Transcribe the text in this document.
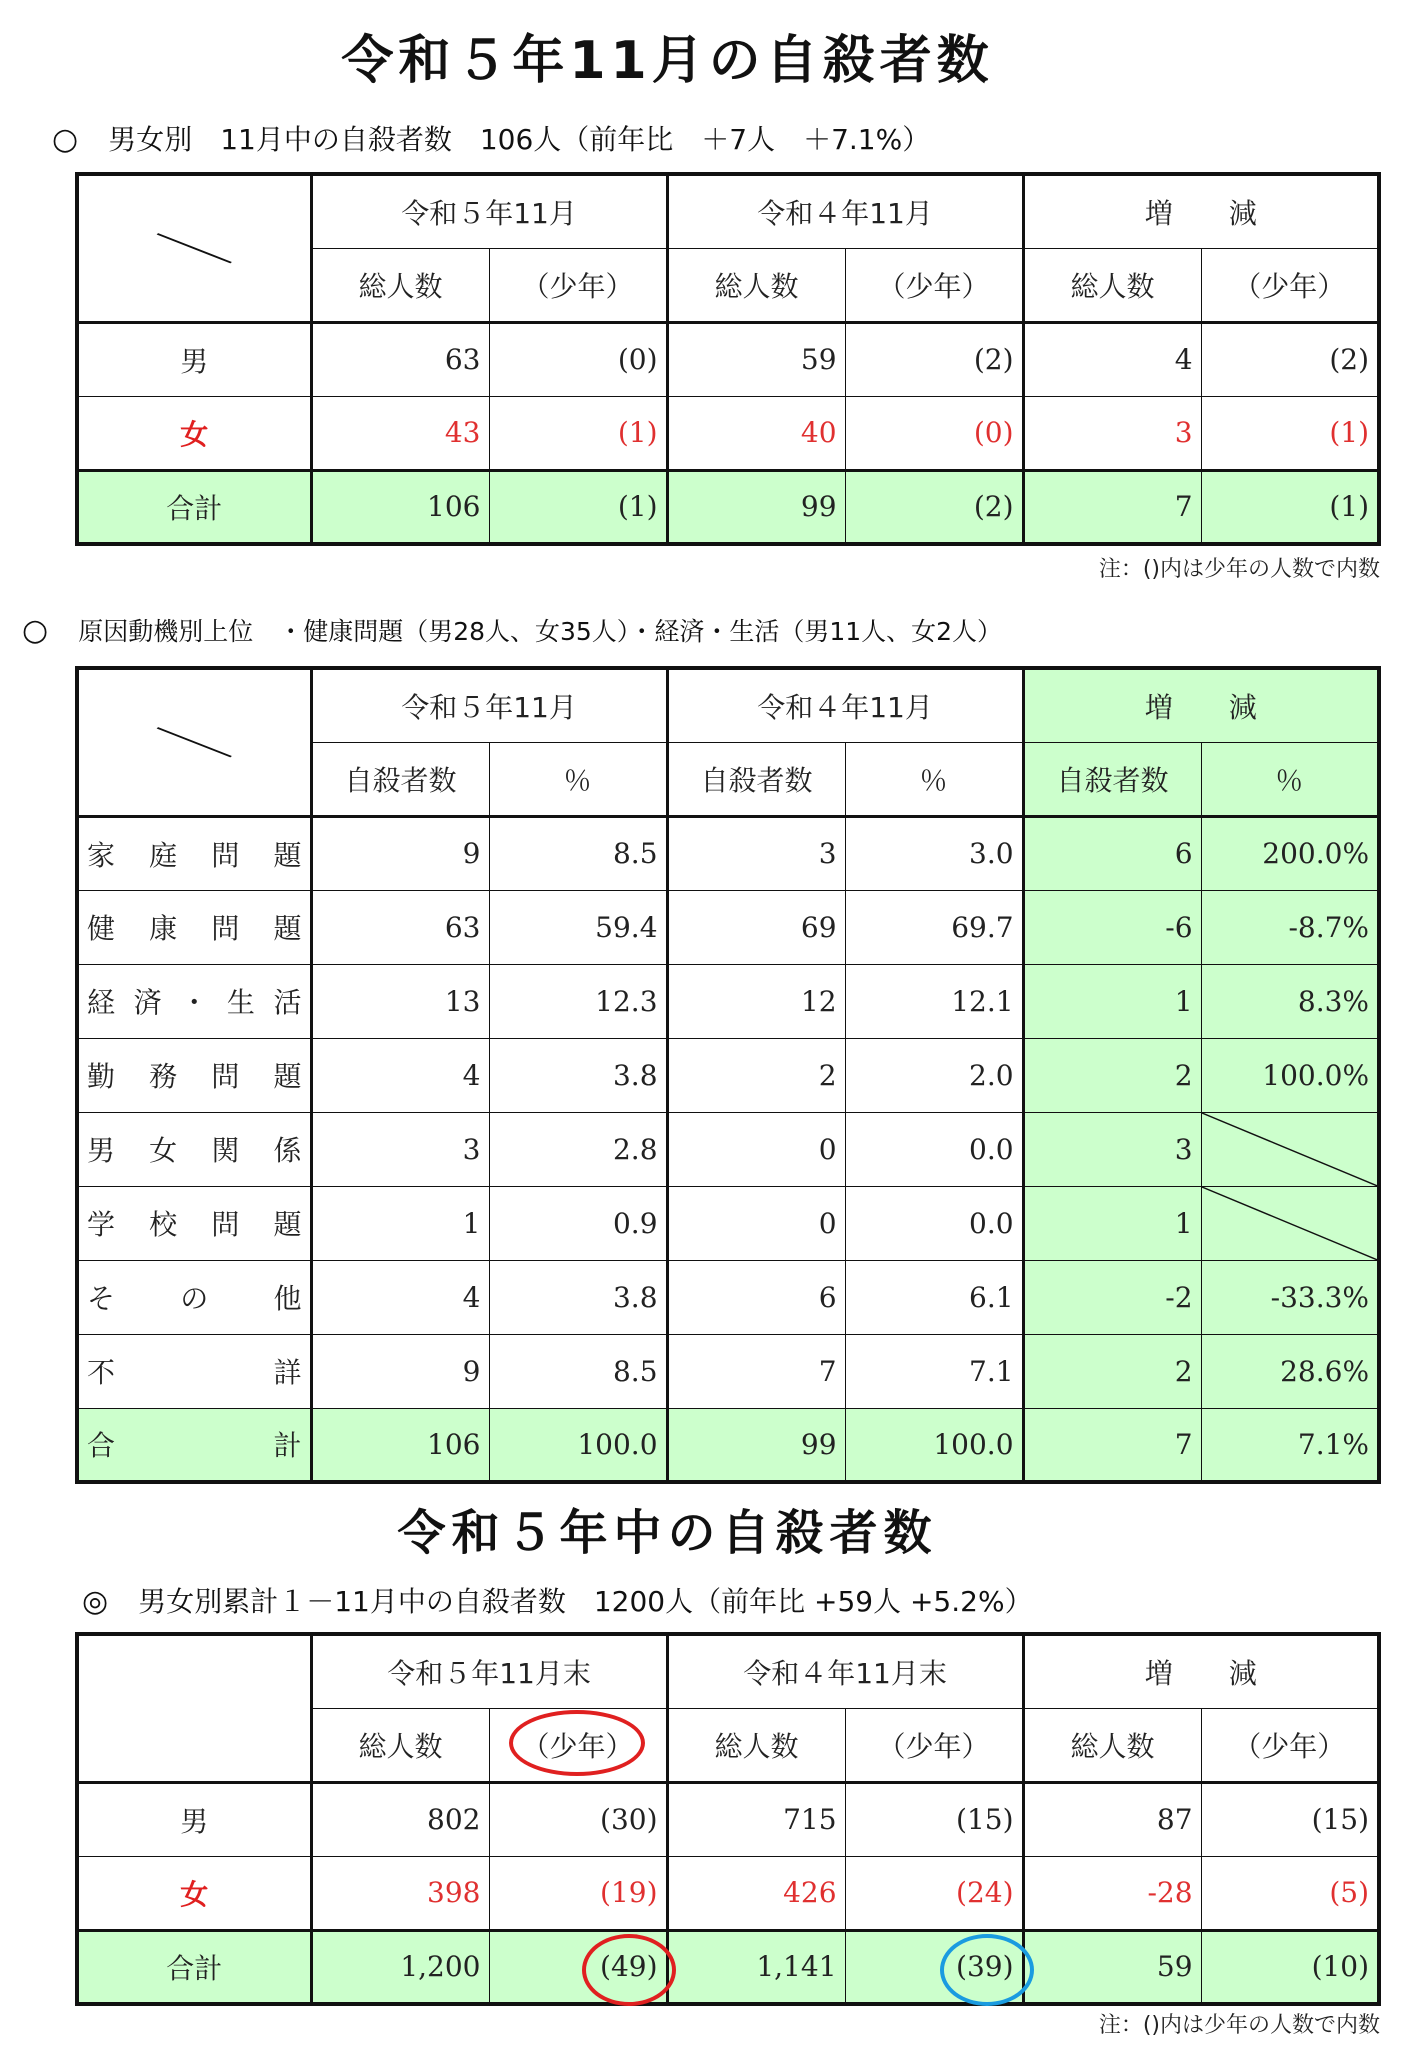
令和５年11月の自殺者数
○ 男女別　11月中の自殺者数　106人（前年比　＋7人　＋7.1%）
	令和５年11月		令和４年11月		増　　減	
	総人数	（少年）	総人数	（少年）	総人数	（少年）
男	63	(0)	59	(2)	4	(2)
女	43	(1)	40	(0)	3	(1)
合計	106	(1)	99	(2)	7	(1)
注：()内は少年の人数で内数
○ 原因動機別上位　・健康問題（男28人、女35人）・経済・生活（男11人、女2人）
	令和５年11月		令和４年11月		増　　減	
	自殺者数	％	自殺者数	％	自殺者数	％

家 庭 問 題	9	8.5	3	3.0	6	200.0%

健 康 問 題	63	59.4	69	69.7	-6	-8.7%

経 済 ・ 生 活	13	12.3	12	12.1	1	8.3%

勤 務 問 題	4	3.8	2	2.0	2	100.0%

男 女 関 係	3	2.8	0	0.0	3	

学 校 問 題	1	0.9	0	0.0	1	

そ の 他	4	3.8	6	6.1	-2	-33.3%

不 詳	9	8.5	7	7.1	2	28.6%

合 計	106	100.0	99	100.0	7	7.1%
令和５年中の自殺者数
◎ 男女別累計１－11月中の自殺者数　1200人（前年比 +59人 +5.2%）
	令和５年11月末		令和４年11月末		増　　減	
	総人数	（少年）	総人数	（少年）	総人数	（少年）
男	802	(30)	715	(15)	87	(15)
女	398	(19)	426	(24)	-28	(5)
合計	1,200	(49)	1,141	(39)	59	(10)
注：()内は少年の人数で内数
